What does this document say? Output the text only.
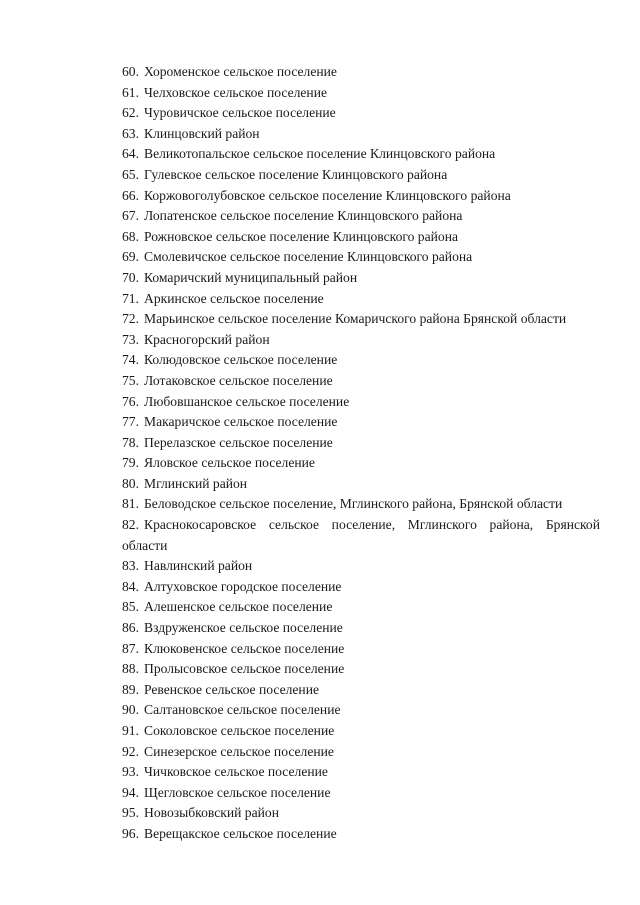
60. Хороменское сельское поселение
61. Челховское сельское поселение
62. Чуровичское сельское поселение
63. Клинцовский район
64. Великотопальское сельское поселение Клинцовского района
65. Гулевское сельское поселение Клинцовского района
66. Коржовоголубовское сельское поселение Клинцовского района
67. Лопатенское сельское поселение Клинцовского района
68. Рожновское сельское поселение Клинцовского района
69. Смолевичское сельское поселение Клинцовского района
70. Комаричский муниципальный район
71. Аркинское сельское поселение
72. Марьинское сельское поселение Комаричского района Брянской области
73. Красногорский район
74. Колюдовское сельское поселение
75. Лотаковское сельское поселение
76. Любовшанское сельское поселение
77. Макаричское сельское поселение
78. Перелазское сельское поселение
79. Яловское сельское поселение
80. Мглинский район
81. Беловодское сельское поселение, Мглинского района, Брянской области
82. Краснокосаровское сельское поселение, Мглинского района, Брянской
области
83. Навлинский район
84. Алтуховское городское поселение
85. Алешенское сельское поселение
86. Вздруженское сельское поселение
87. Клюковенское сельское поселение
88. Пролысовское сельское поселение
89. Ревенское сельское поселение
90. Салтановское сельское поселение
91. Соколовское сельское поселение
92. Синезерское сельское поселение
93. Чичковское сельское поселение
94. Щегловское сельское поселение
95. Новозыбковский район
96. Верещакское сельское поселение
